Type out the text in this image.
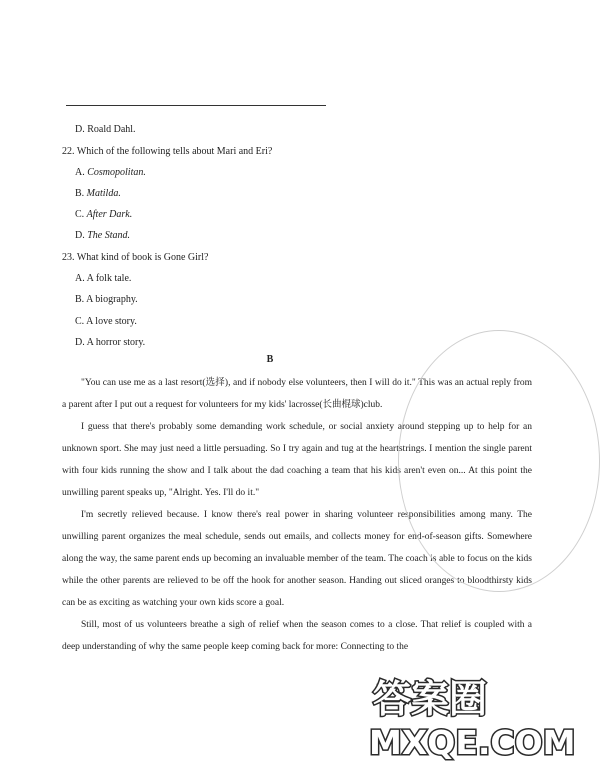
D. Roald Dahl.
22. Which of the following tells about Mari and Eri?
A. Cosmopolitan.
B. Matilda.
C. After Dark.
D. The Stand.
23. What kind of book is Gone Girl?
A. A folk tale.
B. A biography.
C. A love story.
D. A horror story.
B

"You can use me as a last resort(选择), and if nobody else volunteers, then I will do it." This was an actual reply from a parent after I put out a request for volunteers for my kids' lacrosse(长曲棍球)club.

I guess that there's probably some demanding work schedule, or social anxiety around stepping up to help for an unknown sport. She may just need a little persuading. So I try again and tug at the heartstrings. I mention the single parent with four kids running the show and I talk about the dad coaching a team that his kids aren't even on... At this point the unwilling parent speaks up, "Alright. Yes. I'll do it."

I'm secretly relieved because. I know there's real power in sharing volunteer responsibilities among many. The unwilling parent organizes the meal schedule, sends out emails, and collects money for end-of-season gifts. Somewhere along the way, the same parent ends up becoming an invaluable member of the team. The coach is able to focus on the kids while the other parents are relieved to be off the hook for another season. Handing out sliced oranges to bloodthirsty kids can be as exciting as watching your own kids score a goal.

Still, most of us volunteers breathe a sigh of relief when the season comes to a close. That relief is coupled with a deep understanding of why the same people keep coming back for more: Connecting to the

答案圈
MXQE.COM
